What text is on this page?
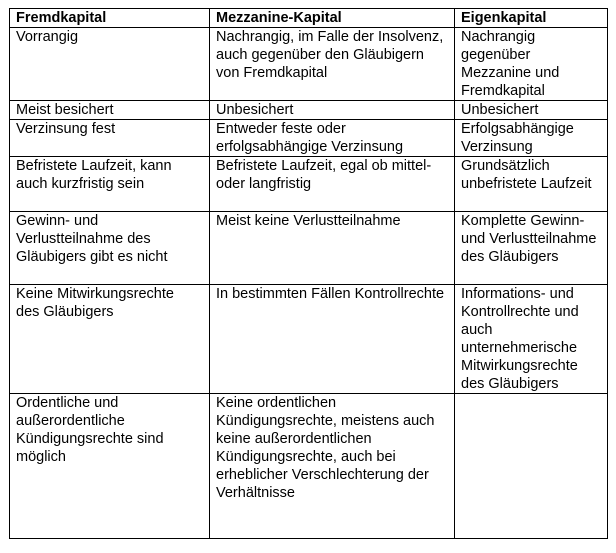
Fremdkapital	Mezzanine-Kapital	Eigenkapital
Vorrangig	Nachrangig, im Falle der Insolvenz, auch gegenüber den Gläubigern von Fremdkapital	Nachrangig gegenüber Mezzanine und Fremdkapital
Meist besichert	Unbesichert	Unbesichert
Verzinsung fest	Entweder feste oder erfolgsabhängige Verzinsung	Erfolgsabhängige Verzinsung
Befristete Laufzeit, kann auch kurzfristig sein	Befristete Laufzeit, egal ob mittel- oder langfristig	Grundsätzlich unbefristete Laufzeit
Gewinn- und Verlustteilnahme des Gläubigers gibt es nicht	Meist keine Verlustteilnahme	Komplette Gewinn- und Verlustteilnahme des Gläubigers
Keine Mitwirkungsrechte des Gläubigers	In bestimmten Fällen Kontrollrechte	Informations- und Kontrollrechte und auch unternehmerische Mitwirkungsrechte des Gläubigers
Ordentliche und außerordentliche Kündigungsrechte sind möglich	Keine ordentlichen Kündigungsrechte, meistens auch keine außerordentlichen Kündigungsrechte, auch bei erheblicher Verschlechterung der Verhältnisse	
